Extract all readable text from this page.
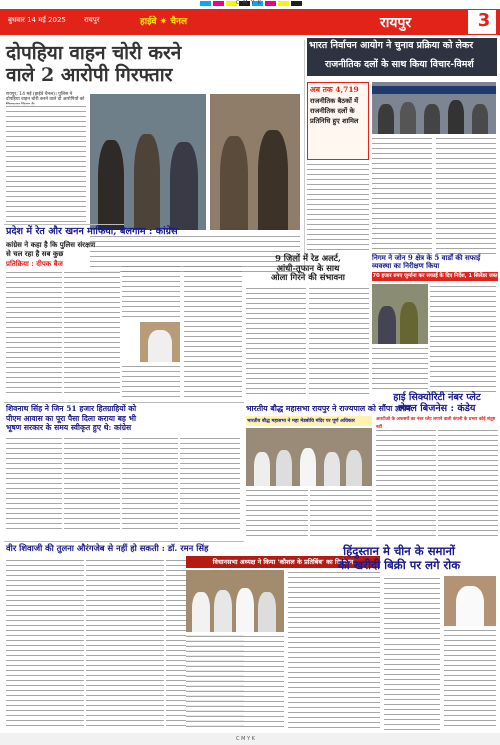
C M Y K
बुधवार 14 मई 2025	रायपुर	हाईवे ✷ चैनल	रायपुर	3
दोपहिया वाहन चोरी करने
वाले 2 आरोपी गिरफ्तार
रायपुर, 14 मई (हाईवे चैनल)। पुलिस ने दोपहिया वाहन चोरी करने वाले दो आरोपियों को
भारत निर्वाचन आयोग ने चुनाव प्रक्रिया को लेकर
राजनीतिक दलों के साथ किया विचार-विमर्श
अब तक 4,719
राजनीतिक बैठकों में
राजनीतिक दलों के
प्रतिनिधि हुए शामिल
प्रदेश में रेत और खनन माफिया, बेलगाम : कांग्रेस
कांग्रेस ने कहा है कि पुलिस संरक्षण
से चल रहा है सब कुछ
प्रतिक्रिया : दीपक बैज
9 जिलों में रेड अलर्ट,
आंधी-तूफान के साथ
ओला गिरने की संभावना
निगम ने जोन 9 क्षेत्र के 5 वार्डों की सफाई व्यवस्था का निरीक्षण किया
70 हजार रुपए जुर्माना कर सफाई के दिए निर्देश, 1 सिलेंडर जब्त
शिवनाथ सिंह ने जिन 51 हजार हितग्राहियों को
पीएम आवास का पूरा पैसा दिला कराया बह भी
भूषण सरकार के समय स्वीकृत हुए थे: कांग्रेस
भारतीय बौद्ध महासभा रायपुर ने राज्यपाल को सौंपा ज्ञापन
भारतीय बौद्ध महासभा ने महा मेडबोधि मंदिर पर पूर्ण अधिकार
हाई सिक्योरिटी नंबर प्लेट
लेवल बिजनेस : कंडेय
आरटीओ के अफसरों का नंबर प्लेट लगाने वाली कंपनी के प्रभार कोई संतुष्ट
वीर शिवाजी की तुलना औरंगजेब से नहीं हो सकती : डॉ. रमन सिंह
विधानसभा अध्यक्ष ने किया 'कौशल के प्रतिबिंब' का विमोचन
हिंदुस्तान मे चीन के समानों
की खरीदी बिक्री पर लगे रोक
C M Y K
